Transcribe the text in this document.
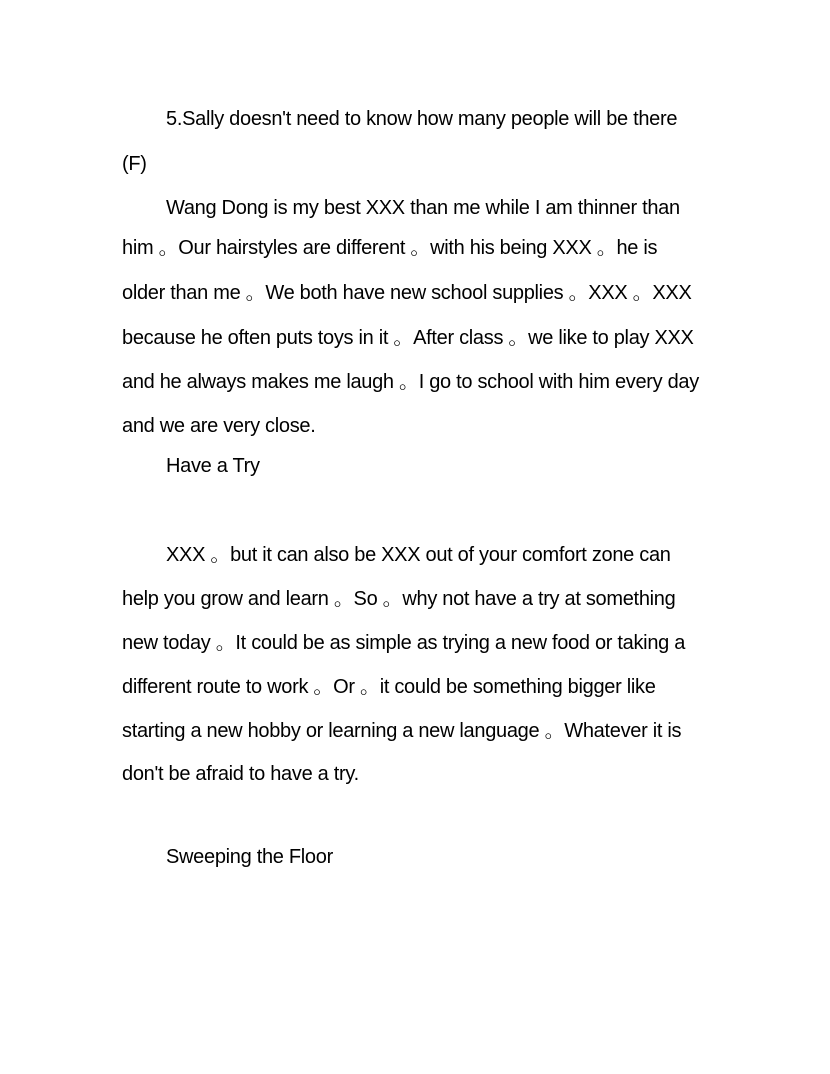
5.Sally doesn't need to know how many people will be there
(F)
Wang Dong is my best XXX than me while I am thinner than
him 。Our hairstyles are different 。with his being XXX 。he is
older than me 。We both have new school supplies 。XXX 。XXX
because he often puts toys in it 。After class 。we like to play XXX
and he always makes me laugh 。I go to school with him every day
and we are very close.
Have a Try
XXX 。but it can also be XXX out of your comfort zone can
help you grow and learn 。So 。why not have a try at something
new today 。It could be as simple as trying a new food or taking a
different route to work 。Or 。it could be something bigger like
starting a new hobby or learning a new language 。Whatever it is
don't be afraid to have a try.
Sweeping the Floor
